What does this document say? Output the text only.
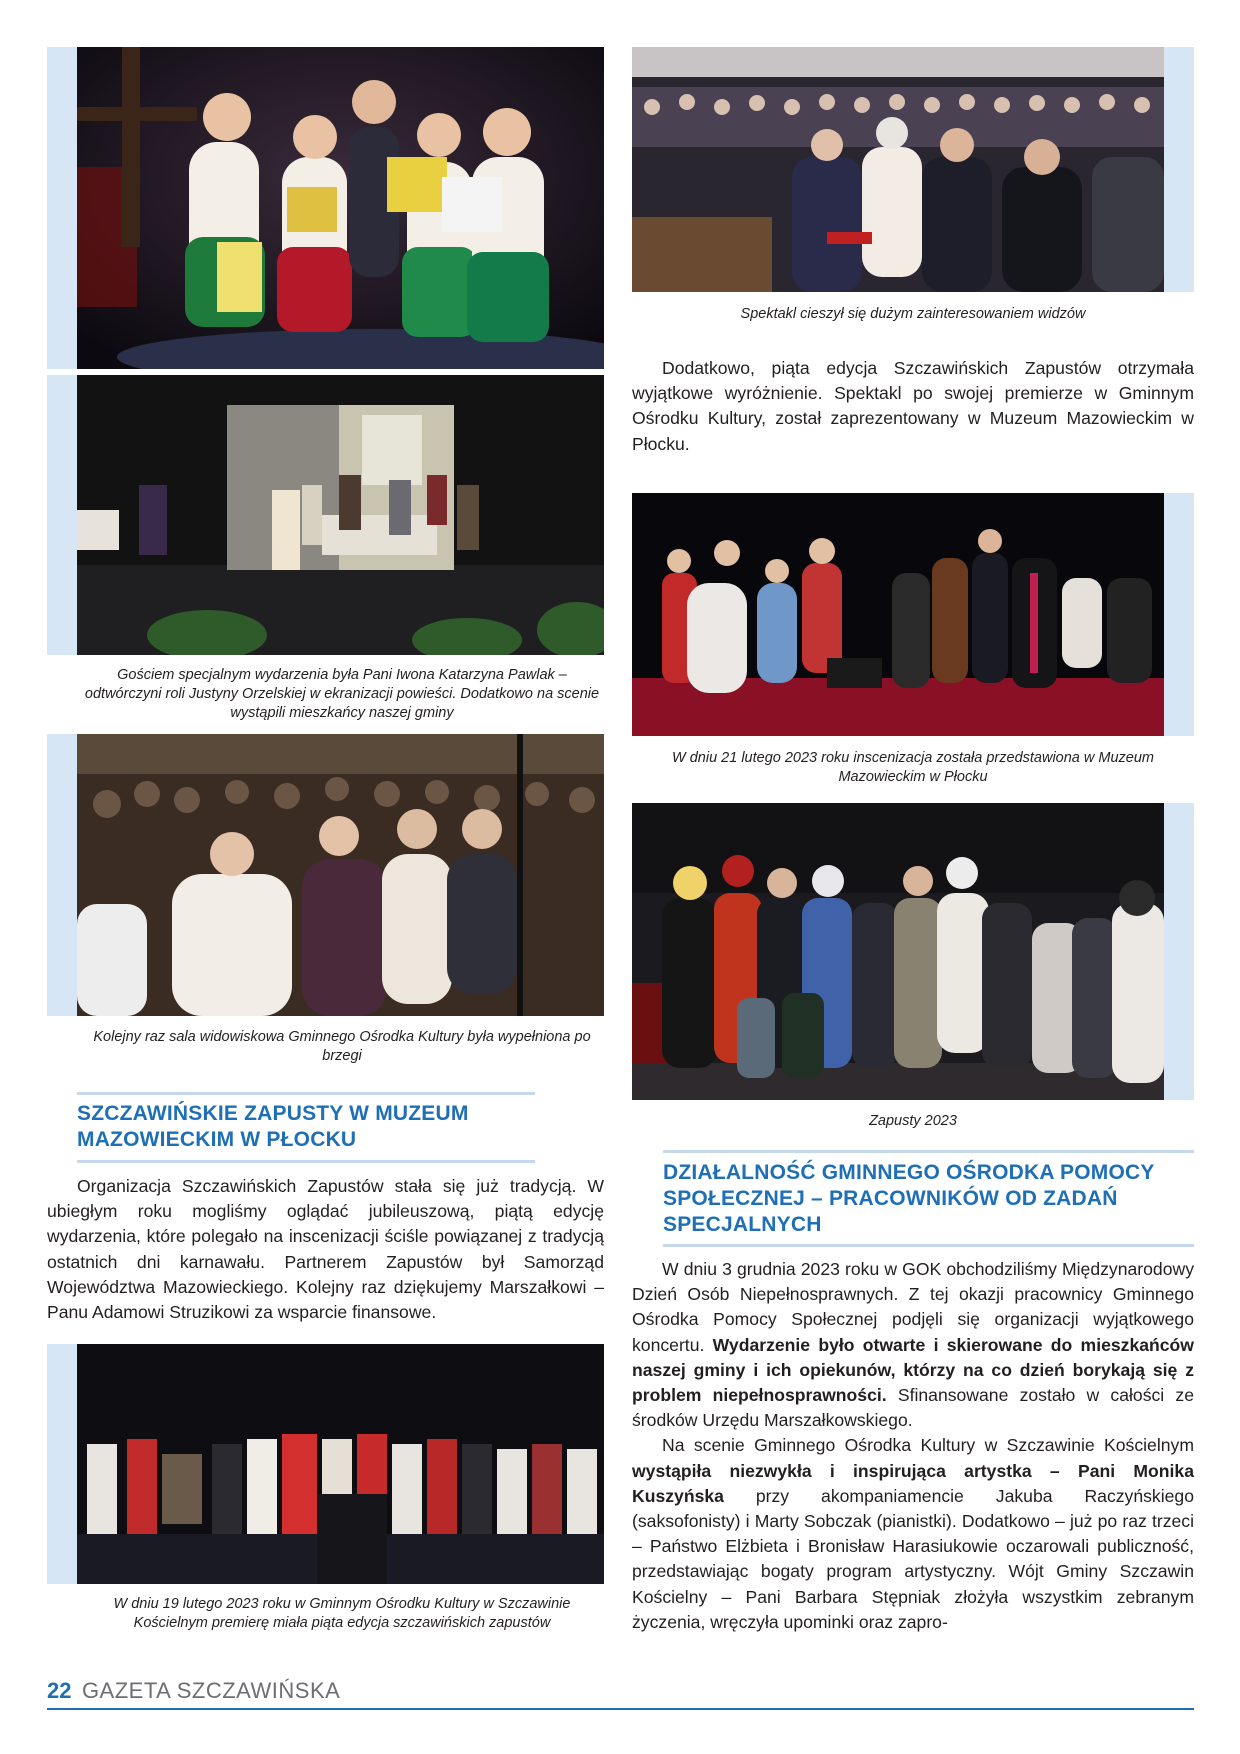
Gościem specjalnym wydarzenia była Pani Iwona Katarzyna Pawlak – odtwórczyni roli Justyny Orzelskiej w ekranizacji powieści. Dodatkowo na scenie wystąpili mieszkańcy naszej gminy
Kolejny raz sala widowiskowa Gminnego Ośrodka Kultury była wypełniona po brzegi
SZCZAWIŃSKIE ZAPUSTY W MUZEUM MAZOWIECKIM W PŁOCKU

Organizacja Szczawińskich Zapustów stała się już tradycją. W ubiegłym roku mogliśmy oglądać jubileuszową, piątą edycję wydarzenia, które polegało na inscenizacji ściśle powiązanej z tradycją ostatnich dni karnawału. Partnerem Zapustów był Samorząd Województwa Mazowieckiego. Kolejny raz dziękujemy Marszałkowi – Panu Adamowi Struzikowi za wsparcie finansowe.

W dniu 19 lutego 2023 roku w Gminnym Ośrodku Kultury w Szczawinie Kościelnym premierę miała piąta edycja szczawińskich zapustów
Spektakl cieszył się dużym zainteresowaniem widzów

Dodatkowo, piąta edycja Szczawińskich Zapustów otrzymała wyjątkowe wyróżnienie. Spektakl po swojej premierze w Gminnym Ośrodku Kultury, został zaprezentowany w Muzeum Mazowieckim w Płocku.

W dniu 21 lutego 2023 roku inscenizacja została przedstawiona w Muzeum Mazowieckim w Płocku
Zapusty 2023
DZIAŁALNOŚĆ GMINNEGO OŚRODKA POMOCY SPOŁECZNEJ – PRACOWNIKÓW OD ZADAŃ SPECJALNYCH

W dniu 3 grudnia 2023 roku w GOK obchodziliśmy Międzynarodowy Dzień Osób Niepełnosprawnych. Z tej okazji pracownicy Gminnego Ośrodka Pomocy Społecznej podjęli się organizacji wyjątkowego koncertu. Wydarzenie było otwarte i skierowane do mieszkańców naszej gminy i ich opiekunów, którzy na co dzień borykają się z problem niepełnosprawności. Sfinansowane zostało w całości ze środków Urzędu Marszałkowskiego.

Na scenie Gminnego Ośrodka Kultury w Szczawinie Kościelnym wystąpiła niezwykła i inspirująca artystka – Pani Monika Kuszyńska przy akompaniamencie Jakuba Raczyńskiego (saksofonisty) i Marty Sobczak (pianistki). Dodatkowo – już po raz trzeci – Państwo Elżbieta i Bronisław Harasiukowie oczarowali publiczność, przedstawiając bogaty program artystyczny. Wójt Gminy Szczawin Kościelny – Pani Barbara Stępniak złożyła wszystkim zebranym życzenia, wręczyła upominki oraz zapro-

22 GAZETA SZCZAWIŃSKA
